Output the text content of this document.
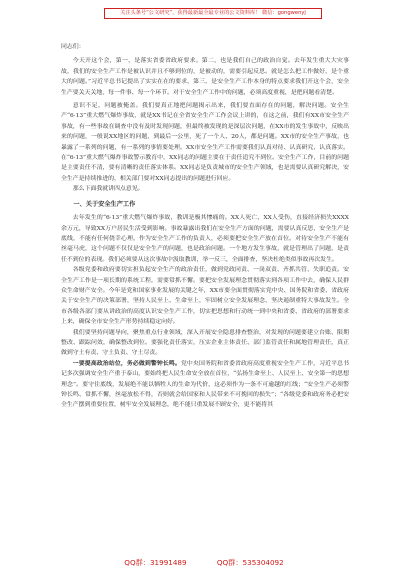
关注头条号“公文研究”，获得最新最全最专业的公文资料库！ 微信：gongwenyj

同志们：

今天开这个会，第一，是落实省委省政府要求。第二，也是我们自己的政治自觉。去年发生重大大灾事故，我们的安全生产工作是被认识并且不够到位的，是被动的，需要引起反思。就是怎么把工作做好，是个重大的问题。”习近平总书记提出了实实在在的要求，第三，是安全生产工作本身的特点要求我们开这个会，安全生产要关天关地，每一件事、每一个环节。对于安全生产工作中的问题，必须高度重视，是把问题看清楚。

意识不足，问题被掩盖。我们要真正地把问题揭示出来，我们要直面存在的问题，解决问题。安全生产“6·13”重大燃气爆炸事故，就是XX书记在全省安全生产工作会议上讲的，在这之前，我们有XX市安全生产事故，有一些事故在调查中没有及时发现问题，但最终被发现的是深层次问题，在XX市的发生事故中，反映出来的问题，一般说XX地区的问题，到最后一公里，死了一个人、20人，都是问题。XX市的安全生产事故，也暴露了一系列的问题，有一系列的事情要处理。XX市安全生产工作需要我们认真对待、认真研究、认真落实。在“6·13”重大燃气爆炸事故警示教育中，XX同志的问题主要在于责任追究不到位。安全生产工作，目前的问题是主要责任不清，要有清晰的责任落实体系。XX同志是负责城市的安全生产领域，也是需要认真研究解决，安全生产是持续推进的，相关部门要对XX同志提出的问题进行回应。

那么下面我就讲四点意见。

一、关于安全生产工作

去年发生的“6·13”重大燃气爆炸事故，教训是极其惨痛的。XX人死亡，XX人受伤，直接经济损失XXXX余万元，导致XX万户居民生活受到影响。事故暴露出我们在安全生产方面的问题，需要认真反思，安全生产是底线，不能有任何侥幸心理。作为安全生产工作的负责人，必须要把安全生产放在首位。对待安全生产不能有丝毫马虎，这个问题不仅仅是安全生产的问题，也是政治问题。一个地方发生事故，就是管理出了问题，是责任不到位的表现。我们必须要从这次事故中汲取教训，举一反三，全面排查，坚决杜绝类似事故再次发生。

各级党委和政府要切实担负起安全生产的政治责任，做到党政同责、一岗双责、齐抓共管、失职追责。安全生产工作是一项长期的系统工程，需要常抓不懈。要把安全发展理念贯彻落实到各项工作中去，确保人民群众生命财产安全。今年是党和国家事业发展的关键之年，XX市要全面贯彻落实党中央、国务院和省委、省政府关于安全生产的决策部署，坚持人民至上、生命至上，牢固树立安全发展理念，坚决遏制重特大事故发生。全市各级各部门要从讲政治的高度认识安全生产工作，切实把思想和行动统一到中央和省委、省政府的部署要求上来，确保全市安全生产形势持续稳定向好。

我们要坚持问题导向，聚焦重点行业领域，深入开展安全隐患排查整治，对发现的问题要建立台账、限期整改、跟踪问效，确保整改到位。要强化责任落实，压实企业主体责任、部门监管责任和属地管理责任，真正做到守土有责、守土负责、守土尽责。

一要提高政治站位，务必做到警钟长鸣。党中央国务院和省委省政府高度重视安全生产工作，习近平总书记多次强调安全生产重于泰山，要始终把人民生命安全放在首位，“弘扬生命至上、人民至上、安全第一的思想理念”。要守住底线，发展绝不能以牺牲人的生命为代价，这必须作为一条不可逾越的红线；“安全生产必须警钟长鸣、常抓不懈，丝毫放松不得，否则就会给国家和人民带来不可挽回的损失”；“各级党委和政府务必把安全生产摆到重要位置，树牢安全发展理念，绝不能只重发展不顾安全，更不能将其

QQ群：31991489	QQ群：535304092
